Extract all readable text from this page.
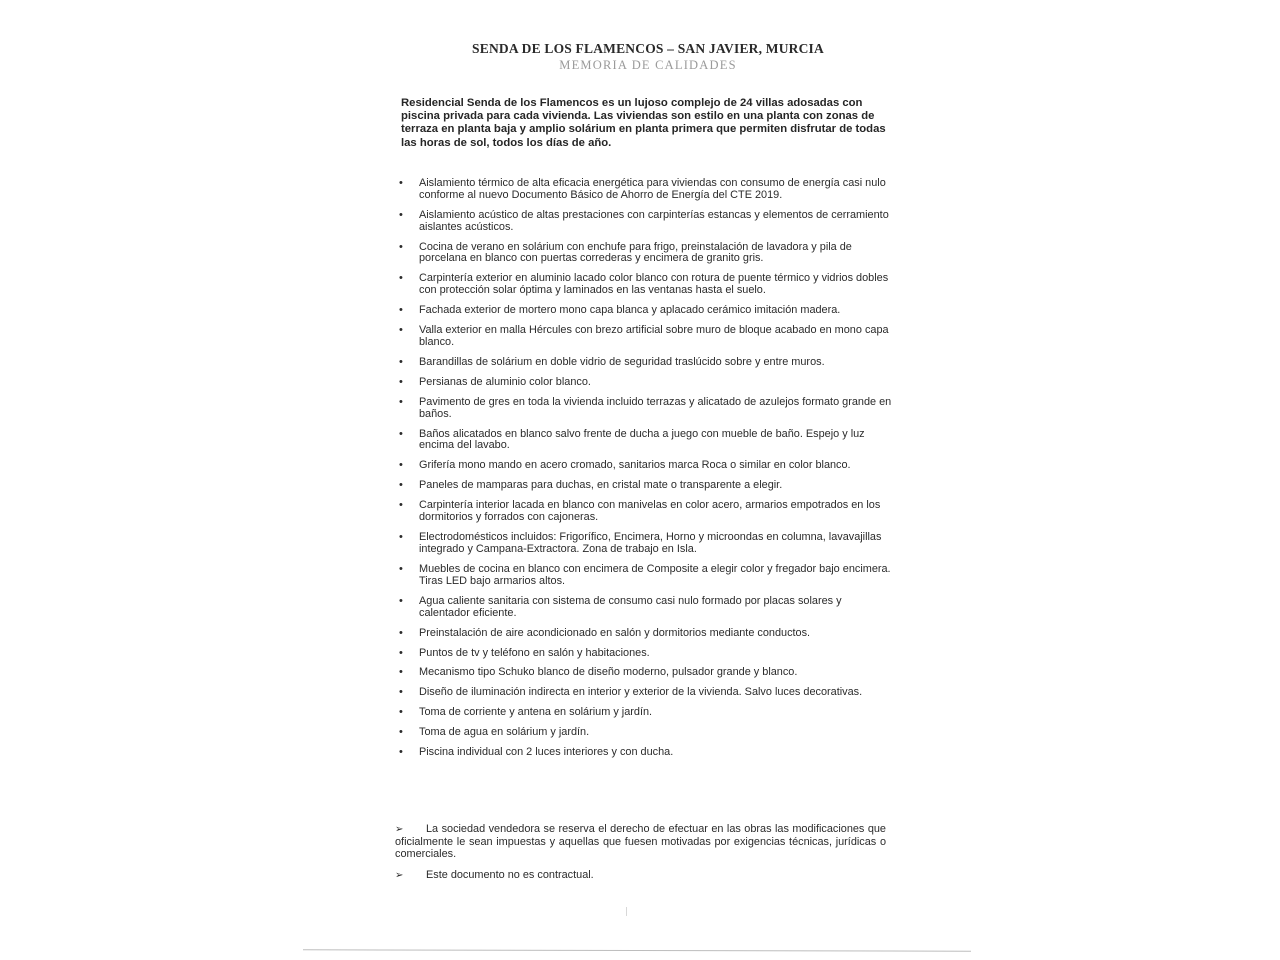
SENDA DE LOS FLAMENCOS – SAN JAVIER, MURCIA
MEMORIA DE CALIDADES
Residencial Senda de los Flamencos es un lujoso complejo de 24 villas adosadas con piscina privada para cada vivienda. Las viviendas son estilo en una planta con zonas de terraza en planta baja y amplio solárium en planta primera que permiten disfrutar de todas las horas de sol, todos los días de año.
• Aislamiento térmico de alta eficacia energética para viviendas con consumo de energía casi nulo conforme al nuevo Documento Básico de Ahorro de Energía del CTE 2019.
• Aislamiento acústico de altas prestaciones con carpinterías estancas y elementos de cerramiento aislantes acústicos.
• Cocina de verano en solárium con enchufe para frigo, preinstalación de lavadora y pila de porcelana en blanco con puertas correderas y encimera de granito gris.
• Carpintería exterior en aluminio lacado color blanco con rotura de puente térmico y vidrios dobles con protección solar óptima y laminados en las ventanas hasta el suelo.
• Fachada exterior de mortero mono capa blanca y aplacado cerámico imitación madera.
• Valla exterior en malla Hércules con brezo artificial sobre muro de bloque acabado en mono capa blanco.
• Barandillas de solárium en doble vidrio de seguridad traslúcido sobre y entre muros.
• Persianas de aluminio color blanco.
• Pavimento de gres en toda la vivienda incluido terrazas y alicatado de azulejos formato grande en baños.
• Baños alicatados en blanco salvo frente de ducha a juego con mueble de baño. Espejo y luz encima del lavabo.
• Grifería mono mando en acero cromado, sanitarios marca Roca o similar en color blanco.
• Paneles de mamparas para duchas, en cristal mate o transparente a elegir.
• Carpintería interior lacada en blanco con manivelas en color acero, armarios empotrados en los dormitorios y forrados con cajoneras.
• Electrodomésticos incluidos: Frigorífico, Encimera, Horno y microondas en columna, lavavajillas integrado y Campana-Extractora. Zona de trabajo en Isla.
• Muebles de cocina en blanco con encimera de Composite a elegir color y fregador bajo encimera. Tiras LED bajo armarios altos.
• Agua caliente sanitaria con sistema de consumo casi nulo formado por placas solares y calentador eficiente.
• Preinstalación de aire acondicionado en salón y dormitorios mediante conductos.
• Puntos de tv y teléfono en salón y habitaciones.
• Mecanismo tipo Schuko blanco de diseño moderno, pulsador grande y blanco.
• Diseño de iluminación indirecta en interior y exterior de la vivienda. Salvo luces decorativas.
• Toma de corriente y antena en solárium y jardín.
• Toma de agua en solárium y jardín.
• Piscina individual con 2 luces interiores y con ducha.
➢ La sociedad vendedora se reserva el derecho de efectuar en las obras las modificaciones que oficialmente le sean impuestas y aquellas que fuesen motivadas por exigencias técnicas, jurídicas o comerciales.
➢ Este documento no es contractual.
